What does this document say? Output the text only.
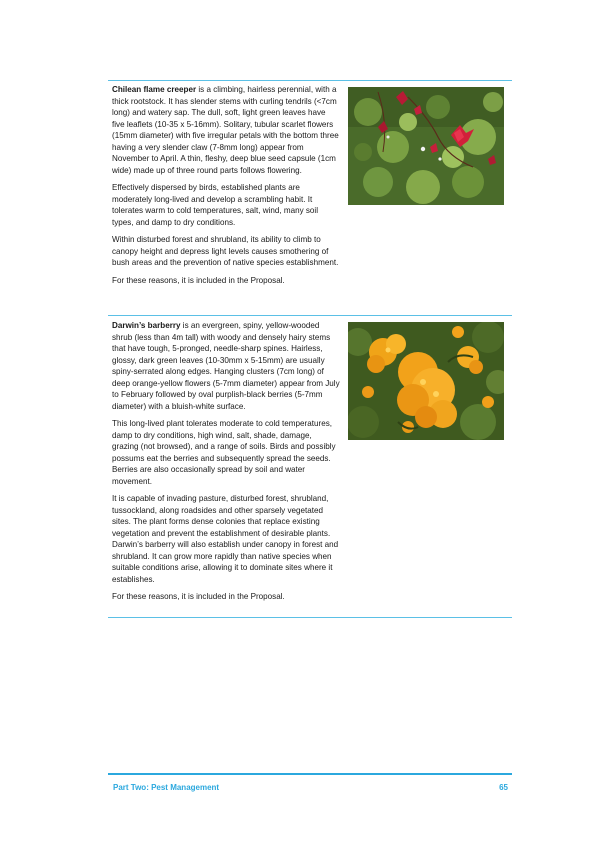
Chilean flame creeper is a climbing, hairless perennial, with a thick rootstock. It has slender stems with curling tendrils (<7cm long) and watery sap. The dull, soft, light green leaves have five leaflets (10-35 x 5-16mm). Solitary, tubular scarlet flowers (15mm diameter) with five irregular petals with the bottom three having a very slender claw (7-8mm long) appear from November to April. A thin, fleshy, deep blue seed capsule (1cm wide) made up of three round parts follows flowering.

Effectively dispersed by birds, established plants are moderately long-lived and develop a scrambling habit. It tolerates warm to cold temperatures, salt, wind, many soil types, and damp to dry conditions.

Within disturbed forest and shrubland, its ability to climb to canopy height and depress light levels causes smothering of bush areas and the prevention of native species establishment.

For these reasons, it is included in the Proposal.

Darwin’s barberry is an evergreen, spiny, yellow-wooded shrub (less than 4m tall) with woody and densely hairy stems that have tough, 5-pronged, needle-sharp spines. Hairless, glossy, dark green leaves (10-30mm x 5-15mm) are usually spiny-serrated along edges. Hanging clusters (7cm long) of deep orange-yellow flowers (5-7mm diameter) appear from July to February followed by oval purplish-black berries (5-7mm diameter) with a bluish-white surface.

This long-lived plant tolerates moderate to cold temperatures, damp to dry conditions, high wind, salt, shade, damage, grazing (not browsed), and a range of soils. Birds and possibly possums eat the berries and subsequently spread the seeds. Berries are also occasionally spread by soil and water movement.

It is capable of invading pasture, disturbed forest, shrubland, tussockland, along roadsides and other sparsely vegetated sites. The plant forms dense colonies that replace existing vegetation and prevent the establishment of desirable plants. Darwin’s barberry will also establish under canopy in forest and shrubland. It can grow more rapidly than native species when suitable conditions arise, allowing it to dominate sites where it establishes.

For these reasons, it is included in the Proposal.

Part Two: Pest Management	65
